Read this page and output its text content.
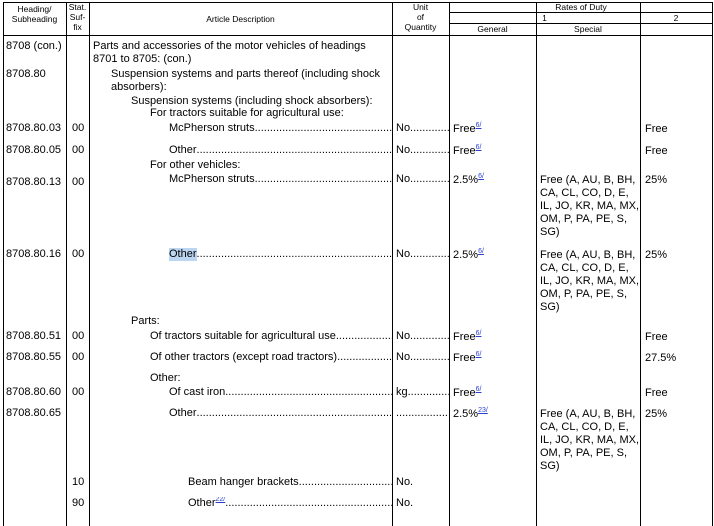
Heading/
Subheading
Stat.
Suf-
fix
Article Description
Unit
of
Quantity
Rates of Duty
1	2
General	Special
8708 (con.)
8708.80
8708.80.03
8708.80.05
8708.80.13
8708.80.16
8708.80.51
8708.80.55
8708.80.60
8708.80.65
00
00
00
00
00
00
00
10
90
Parts and accessories of the motor vehicles of headings 8701 to 8705: (con.)
Suspension systems and parts thereof (including shock absorbers):
Suspension systems (including shock absorbers):
For tractors suitable for agricultural use:
McPherson struts
.....
Other
.....
For other vehicles:
McPherson struts
.....
Other
.....
Parts:
Of tractors suitable for agricultural use
.....
Of other tractors (except road tractors)
.....
Other:
Of cast iron
.....
Other
.....
Beam hanger brackets
.....
Other$^{22/}$
.....
No.
.....
No.
.....
No.
.....
No.
.....
No.
.....
No.
.....
kg
.....
.....
No.
No.
Free$^{6/}$
Free$^{6/}$
2.5%$^{6/}$
2.5%$^{6/}$
Free$^{6/}$
Free$^{6/}$
Free$^{6/}$
2.5%$^{23/}$
Free (A, AU, B, BH, CA, CL, CO, D, E, IL, JO, KR, MA, MX, OM, P, PA, PE, S, SG)
Free (A, AU, B, BH, CA, CL, CO, D, E, IL, JO, KR, MA, MX, OM, P, PA, PE, S, SG)
Free (A, AU, B, BH, CA, CL, CO, D, E, IL, JO, KR, MA, MX, OM, P, PA, PE, S, SG)
Free
Free
25%
25%
Free
27.5%
Free
25%
